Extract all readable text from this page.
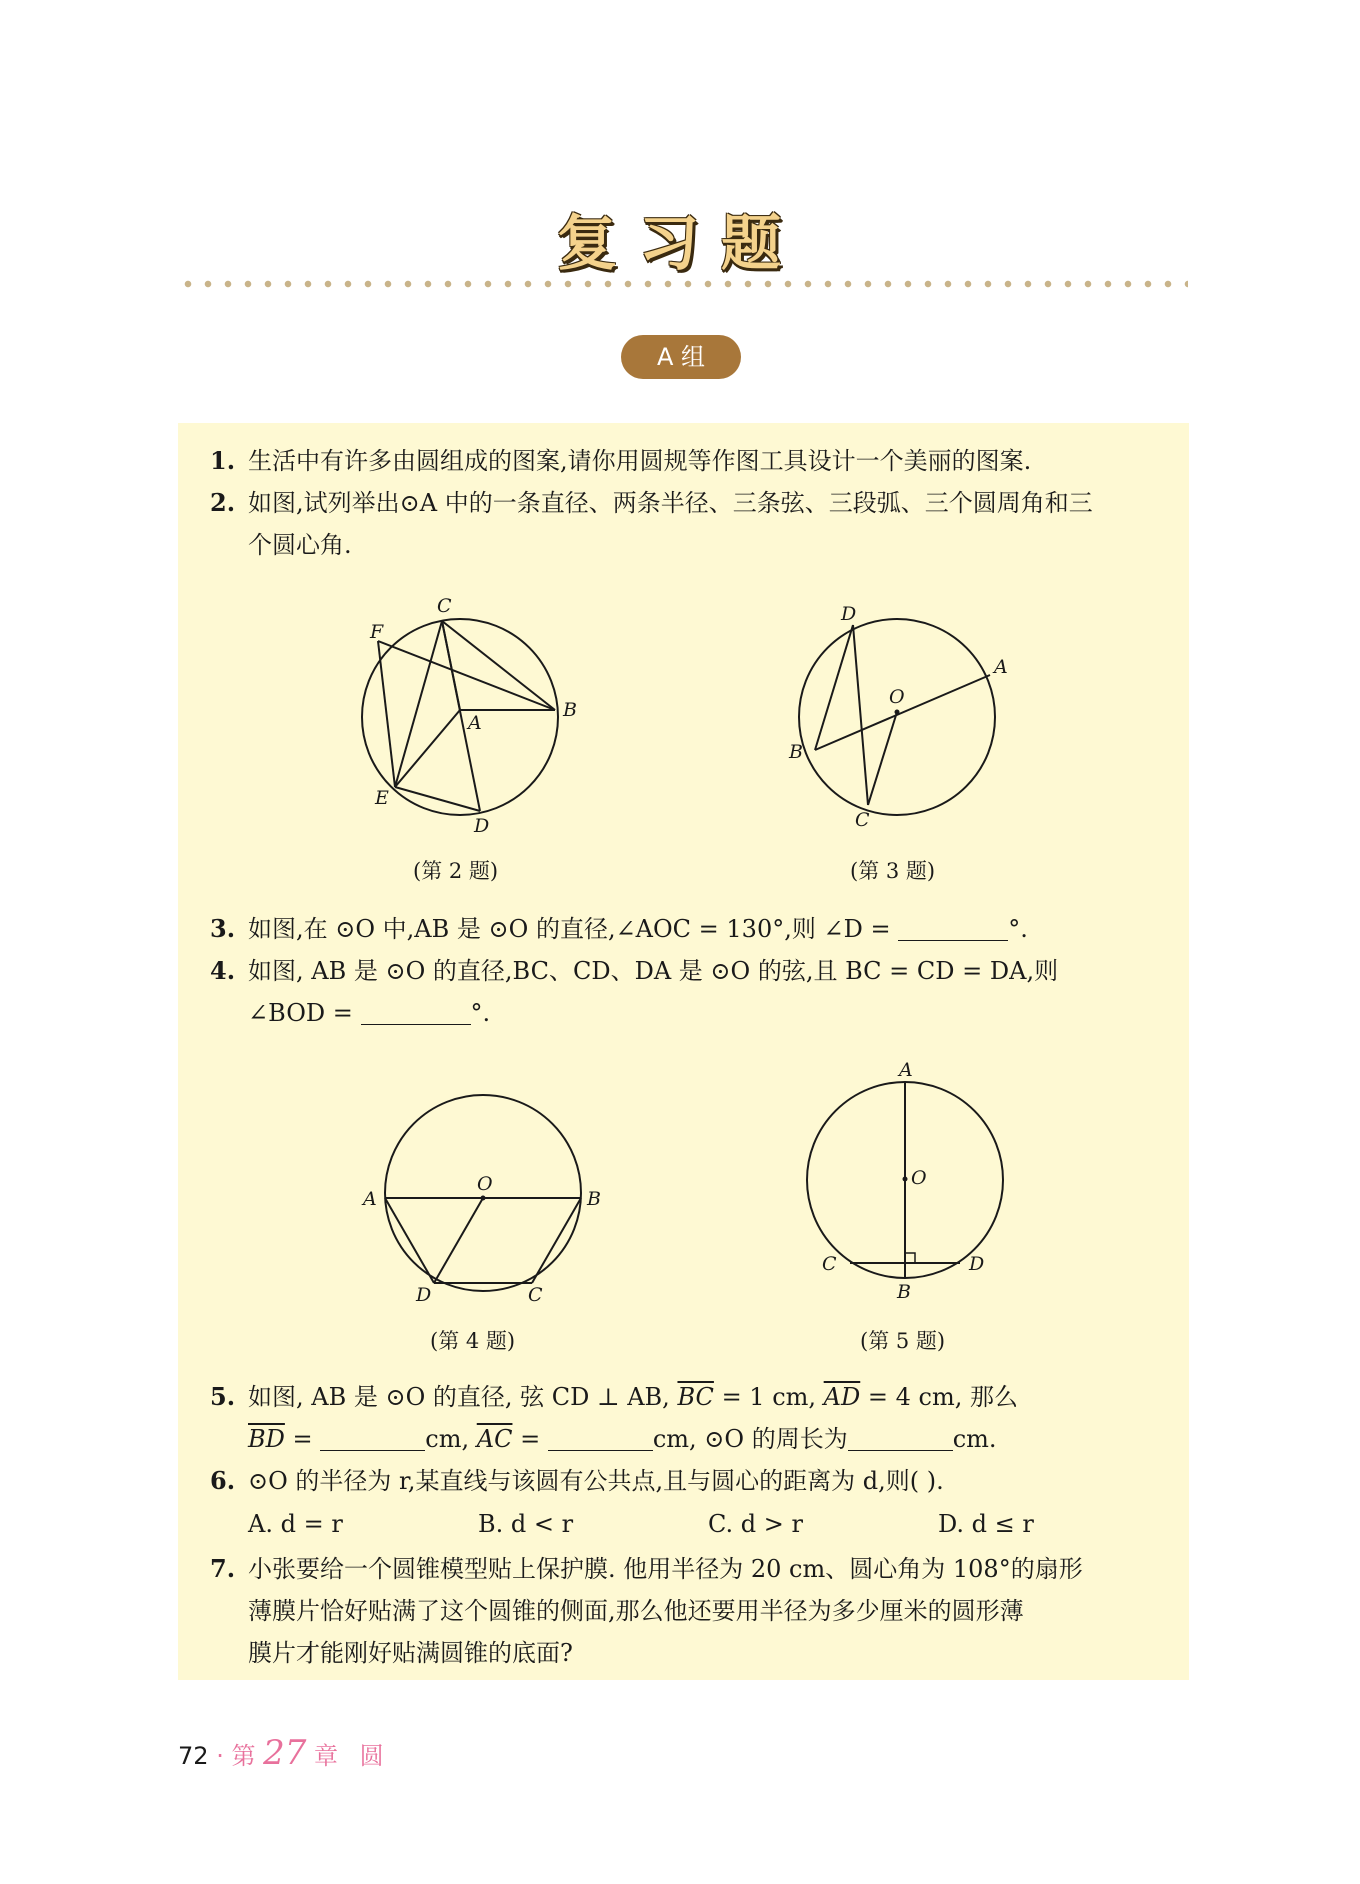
复习题
A 组
1. 生活中有许多由圆组成的图案,请你用圆规等作图工具设计一个美丽的图案.
2. 如图,试列举出⊙A 中的一条直径、两条半径、三条弦、三段弧、三个圆周角和三
个圆心角.
C
F
B
A
E
D
(第 2 题)
D
A
O
B
C
(第 3 题)
3. 如图,在 ⊙O 中,AB 是 ⊙O 的直径,∠AOC = 130°,则 ∠D =	°.
4. 如图, AB 是 ⊙O 的直径,BC、CD、DA 是 ⊙O 的弦,且 BC = CD = DA,则
∠BOD =	°.
O
A	B
D	C
(第 4 题)
A
O
C	D
B
(第 5 题)
5. 如图, AB 是 ⊙O 的直径, 弦 CD ⊥ AB, $\overline{BC} = 1$ cm, $\overline{AD} = 4$ cm, 那么
$\overline{BD}$ =	cm, $\overline{AC}$ =	cm, ⊙O 的周长为	cm.
6. ⊙O 的半径为 r,某直线与该圆有公共点,且与圆心的距离为 d,则( ).
A. d = r	B. d < r	C. d > r	D. d ≤ r
7. 小张要给一个圆锥模型贴上保护膜. 他用半径为 20 cm、圆心角为 108°的扇形
薄膜片恰好贴满了这个圆锥的侧面,那么他还要用半径为多少厘米的圆形薄
膜片才能刚好贴满圆锥的底面?
72 · 第 27 章 圆
